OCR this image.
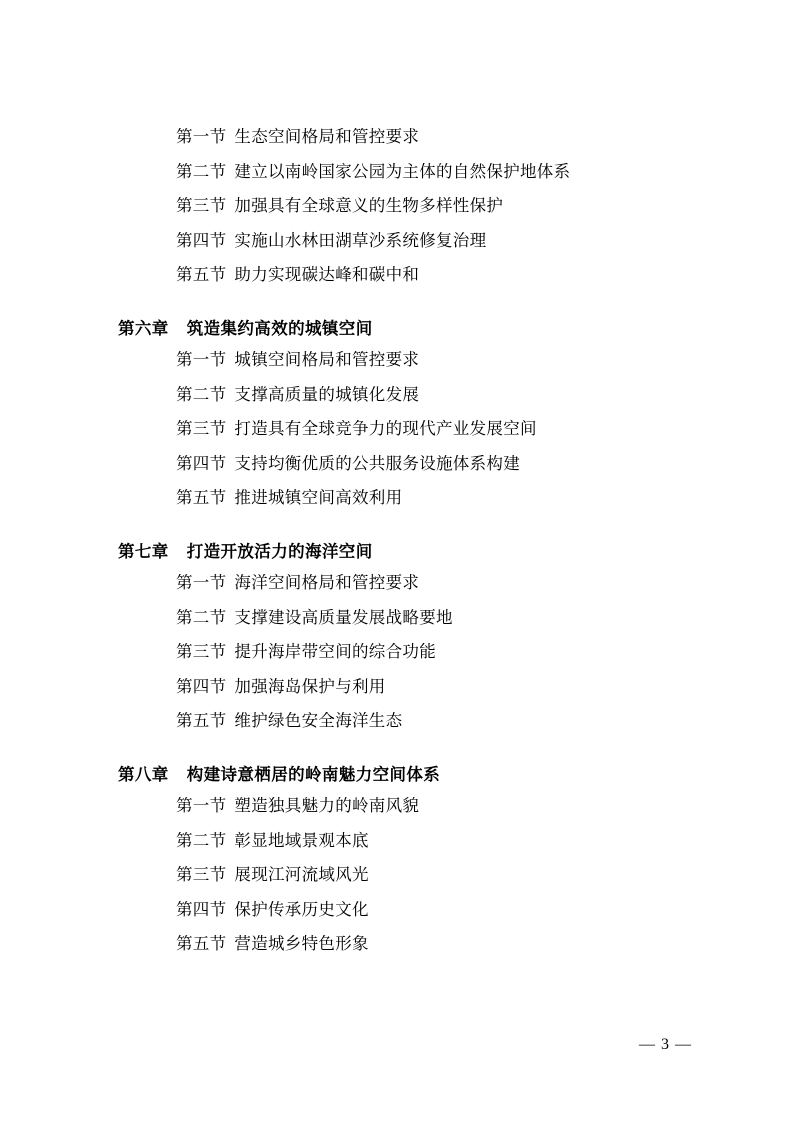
第一节 生态空间格局和管控要求
第二节 建立以南岭国家公园为主体的自然保护地体系
第三节 加强具有全球意义的生物多样性保护
第四节 实施山水林田湖草沙系统修复治理
第五节 助力实现碳达峰和碳中和
第六章 筑造集约高效的城镇空间
第一节 城镇空间格局和管控要求
第二节 支撑高质量的城镇化发展
第三节 打造具有全球竞争力的现代产业发展空间
第四节 支持均衡优质的公共服务设施体系构建
第五节 推进城镇空间高效利用
第七章 打造开放活力的海洋空间
第一节 海洋空间格局和管控要求
第二节 支撑建设高质量发展战略要地
第三节 提升海岸带空间的综合功能
第四节 加强海岛保护与利用
第五节 维护绿色安全海洋生态
第八章 构建诗意栖居的岭南魅力空间体系
第一节 塑造独具魅力的岭南风貌
第二节 彰显地域景观本底
第三节 展现江河流域风光
第四节 保护传承历史文化
第五节 营造城乡特色形象
— 3 —
